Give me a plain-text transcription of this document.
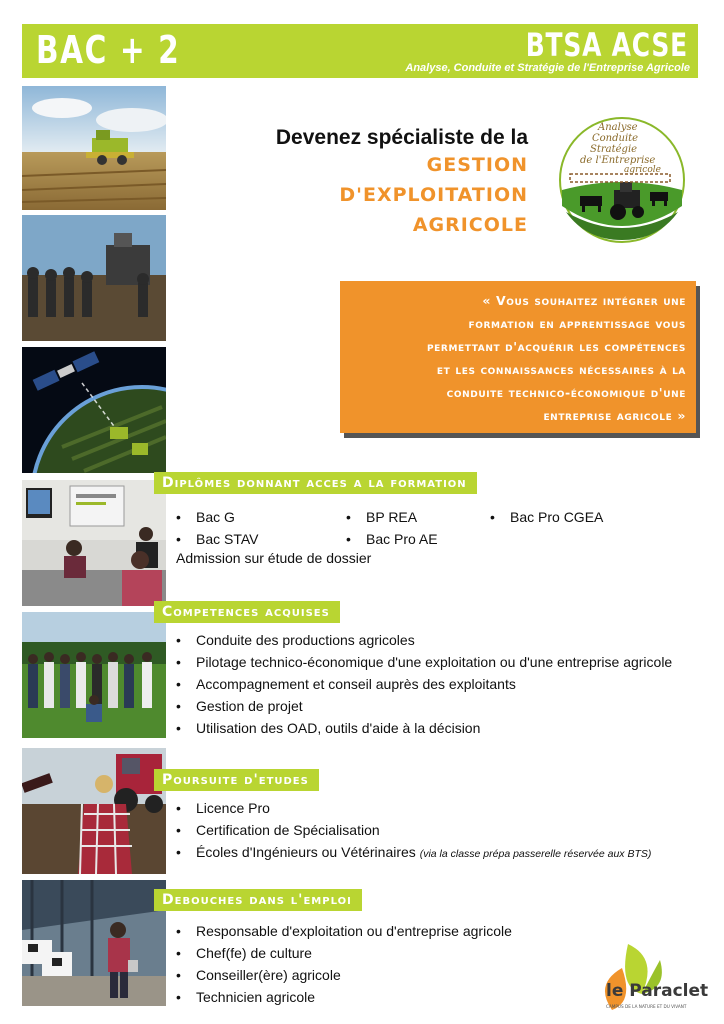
BAC + 2	BTSA ACSE
Analyse, Conduite et Stratégie de l'Entreprise Agricole
Devenez spécialiste de la
GESTION
D'EXPLOITATION
AGRICOLE
Analyse
Conduite
Stratégie
de l'Entreprise
agricole
« Vous souhaitez intégrer une
formation en apprentissage vous
permettant d'acquérir les compétences
et les connaissances nécessaires à la
conduite technico-économique d'une
entreprise agricole »
Diplômes donnant acces a la formation
• Bac G
• Bac STAV
• BP REA
• Bac Pro AE
• Bac Pro CGEA
Admission sur étude de dossier
Competences acquises
• Conduite des productions agricoles
• Pilotage technico-économique d'une exploitation ou d'une entreprise agricole
• Accompagnement et conseil auprès des exploitants
• Gestion de projet
• Utilisation des OAD, outils d'aide à la décision
Poursuite d'etudes
• Licence Pro
• Certification de Spécialisation
• Écoles d'Ingénieurs ou Vétérinaires (via la classe prépa passerelle réservée aux BTS)
Debouches dans l'emploi
• Responsable d'exploitation ou d'entreprise agricole
• Chef(fe) de culture
• Conseiller(ère) agricole
• Technicien agricole	le Paraclet
CAMPUS DE LA NATURE ET DU VIVANT
